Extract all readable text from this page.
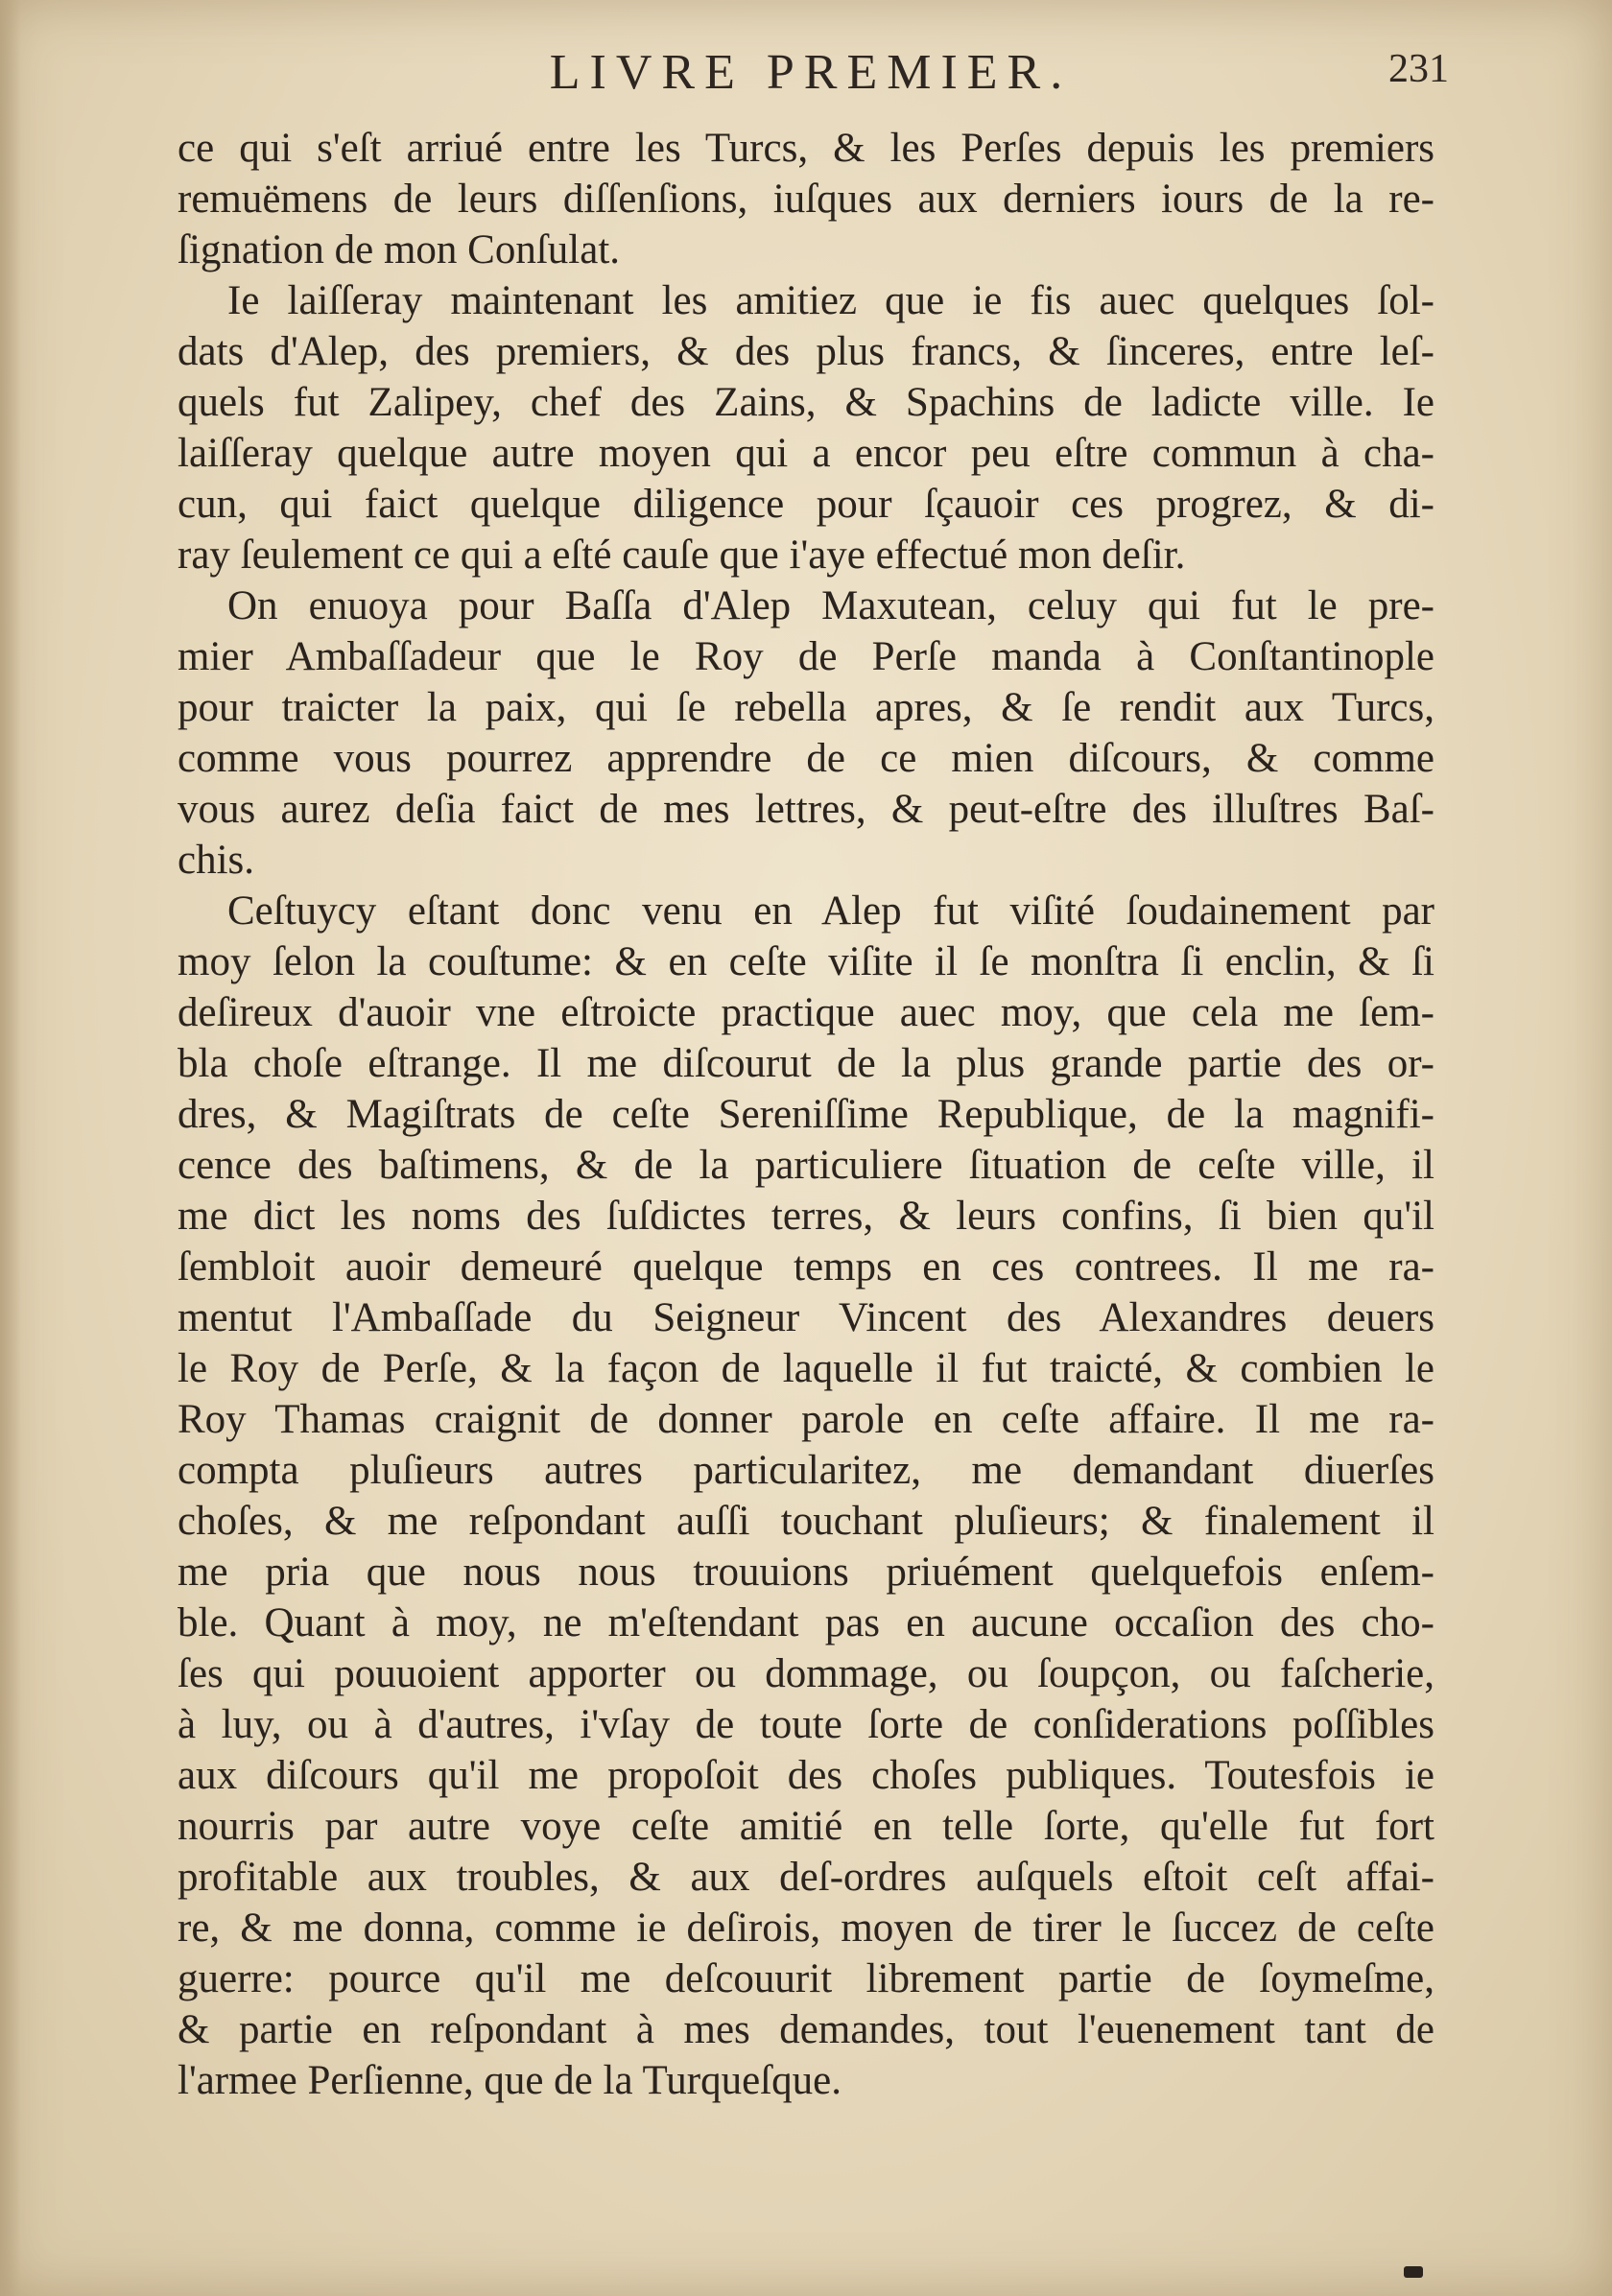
LIVRE PREMIER.	231
ce qui s'eſt arriué entre les Turcs, & les Perſes depuis les premiers
remuëmens de leurs diſſenſions, iuſques aux derniers iours de la re-
ſignation de mon Conſulat.
Ie laiſſeray maintenant les amitiez que ie fis auec quelques ſol-
dats d'Alep, des premiers, & des plus francs, & ſinceres, entre leſ-
quels fut Zalipey, chef des Zains, & Spachins de ladicte ville. Ie
laiſſeray quelque autre moyen qui a encor peu eſtre commun à cha-
cun, qui faict quelque diligence pour ſçauoir ces progrez, & di-
ray ſeulement ce qui a eſté cauſe que i'aye effectué mon deſir.
On enuoya pour Baſſa d'Alep Maxutean, celuy qui fut le pre-
mier Ambaſſadeur que le Roy de Perſe manda à Conſtantinople
pour traicter la paix, qui ſe rebella apres, & ſe rendit aux Turcs,
comme vous pourrez apprendre de ce mien diſcours, & comme
vous aurez deſia faict de mes lettres, & peut-eſtre des illuſtres Baſ-
chis.
Ceſtuycy eſtant donc venu en Alep fut viſité ſoudainement par
moy ſelon la couſtume: & en ceſte viſite il ſe monſtra ſi enclin, & ſi
deſireux d'auoir vne eſtroicte practique auec moy, que cela me ſem-
bla choſe eſtrange. Il me diſcourut de la plus grande partie des or-
dres, & Magiſtrats de ceſte Sereniſſime Republique, de la magnifi-
cence des baſtimens, & de la particuliere ſituation de ceſte ville, il
me dict les noms des ſuſdictes terres, & leurs confins, ſi bien qu'il
ſembloit auoir demeuré quelque temps en ces contrees. Il me ra-
mentut l'Ambaſſade du Seigneur Vincent des Alexandres deuers
le Roy de Perſe, & la façon de laquelle il fut traicté, & combien le
Roy Thamas craignit de donner parole en ceſte affaire. Il me ra-
compta pluſieurs autres particularitez, me demandant diuerſes
choſes, & me reſpondant auſſi touchant pluſieurs; & finalement il
me pria que nous nous trouuions priuément quelquefois enſem-
ble. Quant à moy, ne m'eſtendant pas en aucune occaſion des cho-
ſes qui pouuoient apporter ou dommage, ou ſoupçon, ou faſcherie,
à luy, ou à d'autres, i'vſay de toute ſorte de conſiderations poſſibles
aux diſcours qu'il me propoſoit des choſes publiques. Toutesfois ie
nourris par autre voye ceſte amitié en telle ſorte, qu'elle fut fort
profitable aux troubles, & aux deſ-ordres auſquels eſtoit ceſt affai-
re, & me donna, comme ie deſirois, moyen de tirer le ſuccez de ceſte
guerre: pource qu'il me deſcouurit librement partie de ſoymeſme,
& partie en reſpondant à mes demandes, tout l'euenement tant de
l'armee Perſienne, que de la Turqueſque.
